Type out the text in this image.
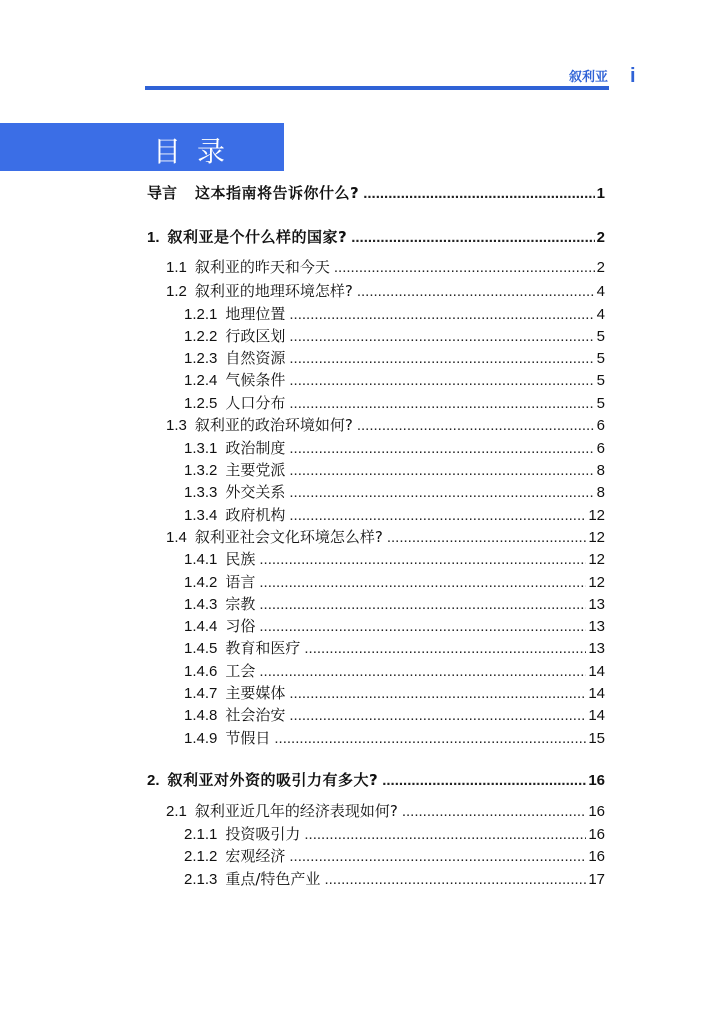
叙利亚 i
目录
导言 这本指南将告诉你什么? .....	1
1. 叙利亚是个什么样的国家? .....	2
1.1 叙利亚的昨天和今天 .....	2
1.2 叙利亚的地理环境怎样? .....	4
1.2.1 地理位置 .....	4
1.2.2 行政区划 .....	5
1.2.3 自然资源 .....	5
1.2.4 气候条件 .....	5
1.2.5 人口分布 .....	5
1.3 叙利亚的政治环境如何? .....	6
1.3.1 政治制度 .....	6
1.3.2 主要党派 .....	8
1.3.3 外交关系 .....	8
1.3.4 政府机构 .....	12
1.4 叙利亚社会文化环境怎么样? .....	12
1.4.1 民族 .....	12
1.4.2 语言 .....	12
1.4.3 宗教 .....	13
1.4.4 习俗 .....	13
1.4.5 教育和医疗 .....	13
1.4.6 工会 .....	14
1.4.7 主要媒体 .....	14
1.4.8 社会治安 .....	14
1.4.9 节假日 .....	15
2. 叙利亚对外资的吸引力有多大? .....	16
2.1 叙利亚近几年的经济表现如何? .....	16
2.1.1 投资吸引力 .....	16
2.1.2 宏观经济 .....	16
2.1.3 重点/特色产业 .....	17
